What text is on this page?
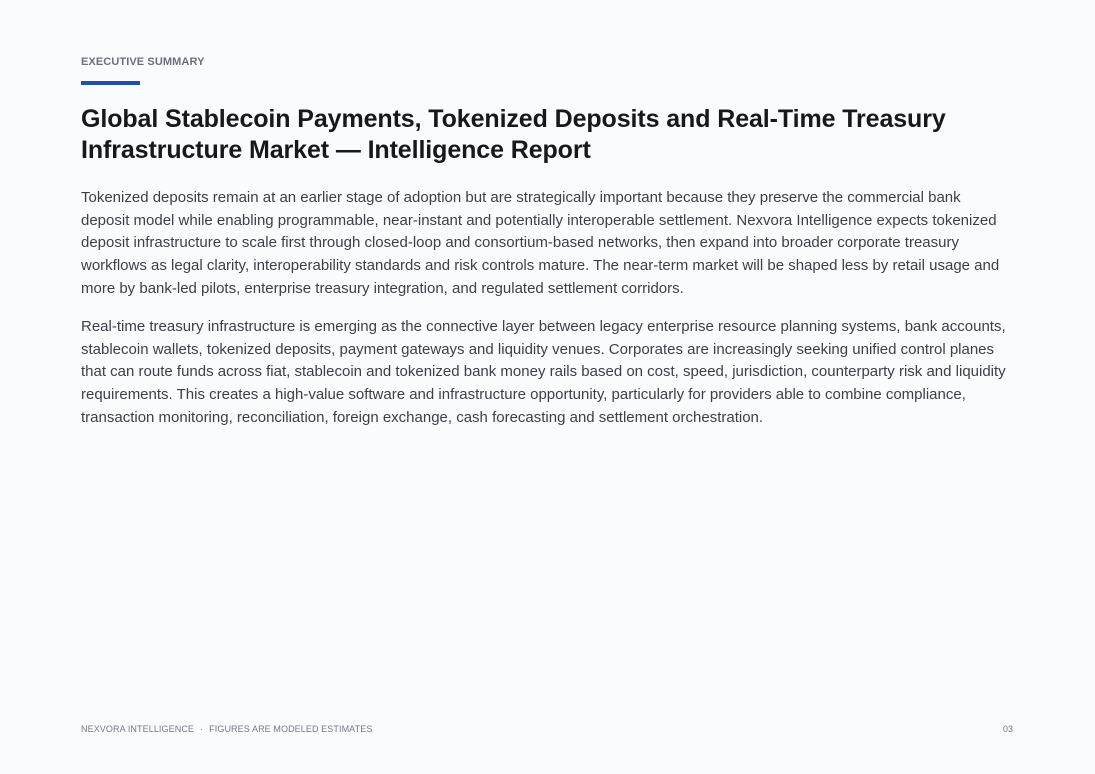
EXECUTIVE SUMMARY
Global Stablecoin Payments, Tokenized Deposits and Real-Time Treasury
Infrastructure Market — Intelligence Report

Tokenized deposits remain at an earlier stage of adoption but are strategically important because they preserve the commercial bank deposit model while enabling programmable, near-instant and potentially interoperable settlement. Nexvora Intelligence expects tokenized deposit infrastructure to scale first through closed-loop and consortium-based networks, then expand into broader corporate treasury workflows as legal clarity, interoperability standards and risk controls mature. The near-term market will be shaped less by retail usage and more by bank-led pilots, enterprise treasury integration, and regulated settlement corridors.

Real-time treasury infrastructure is emerging as the connective layer between legacy enterprise resource planning systems, bank accounts, stablecoin wallets, tokenized deposits, payment gateways and liquidity venues. Corporates are increasingly seeking unified control planes that can route funds across fiat, stablecoin and tokenized bank money rails based on cost, speed, jurisdiction, counterparty risk and liquidity requirements. This creates a high-value software and infrastructure opportunity, particularly for providers able to combine compliance, transaction monitoring, reconciliation, foreign exchange, cash forecasting and settlement orchestration.

NEXVORA INTELLIGENCE · FIGURES ARE MODELED ESTIMATES	03
